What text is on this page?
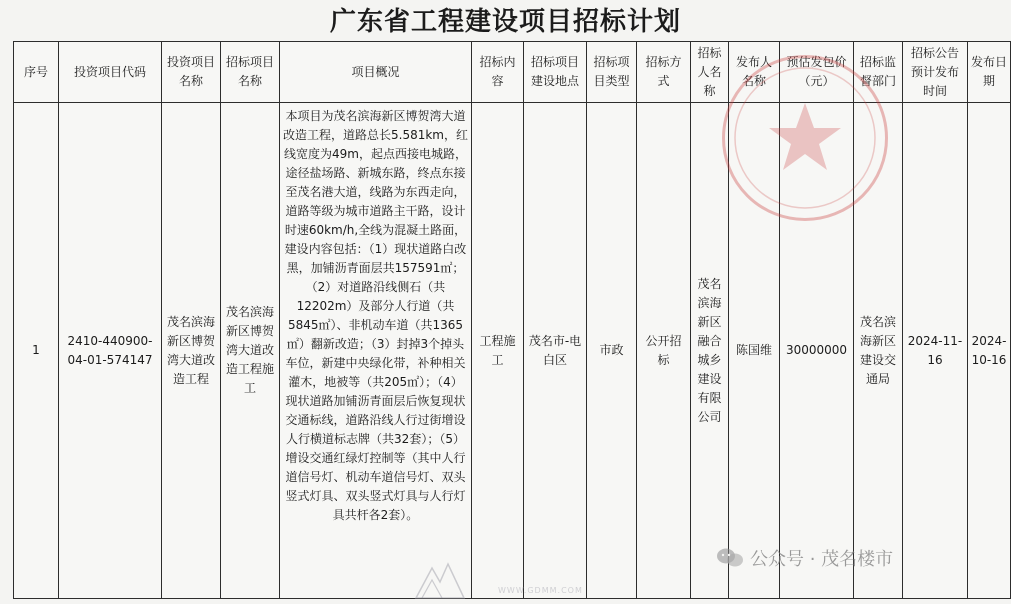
广东省工程建设项目招标计划
序号	投资项目代码	投资项目名称	招标项目名称	项目概况	招标内容	招标项目建设地点	招标项目类型	招标方式	招标人名称	发布人名称	预估发包价（元）	招标监督部门	招标公告预计发布时间	发布日期
1	2410-440900-04-01-574147	茂名滨海新区博贺湾大道改造工程	茂名滨海新区博贺湾大道改造工程施工	本项目为茂名滨海新区博贺湾大道改造工程，道路总长5.581km，红线宽度为49m，起点西接电城路，途径盐场路、新城东路，终点东接至茂名港大道，线路为东西走向，道路等级为城市道路主干路，设计时速60km/h,全线为混凝土路面，建设内容包括：（1）现状道路白改黑，加铺沥青面层共157591㎡；（2）对道路沿线侧石（共12202m）及部分人行道（共5845㎡）、非机动车道（共1365㎡）翻新改造；（3）封掉3个掉头车位，新建中央绿化带，补种相关灌木，地被等（共205㎡）；（4）现状道路加铺沥青面层后恢复现状交通标线，道路沿线人行过街增设人行横道标志牌（共32套）；（5）增设交通红绿灯控制等（其中人行道信号灯、机动车道信号灯、双头竖式灯具、双头竖式灯具与人行灯具共杆各2套）。	工程施工	茂名市-电白区	市政	公开招标	茂名滨海新区融合城乡建设有限公司	陈国维	30000000	茂名滨海新区建设交通局	2024-11-16	2024-10-16
WWW.GDMM.COM
公众号 · 茂名楼市
